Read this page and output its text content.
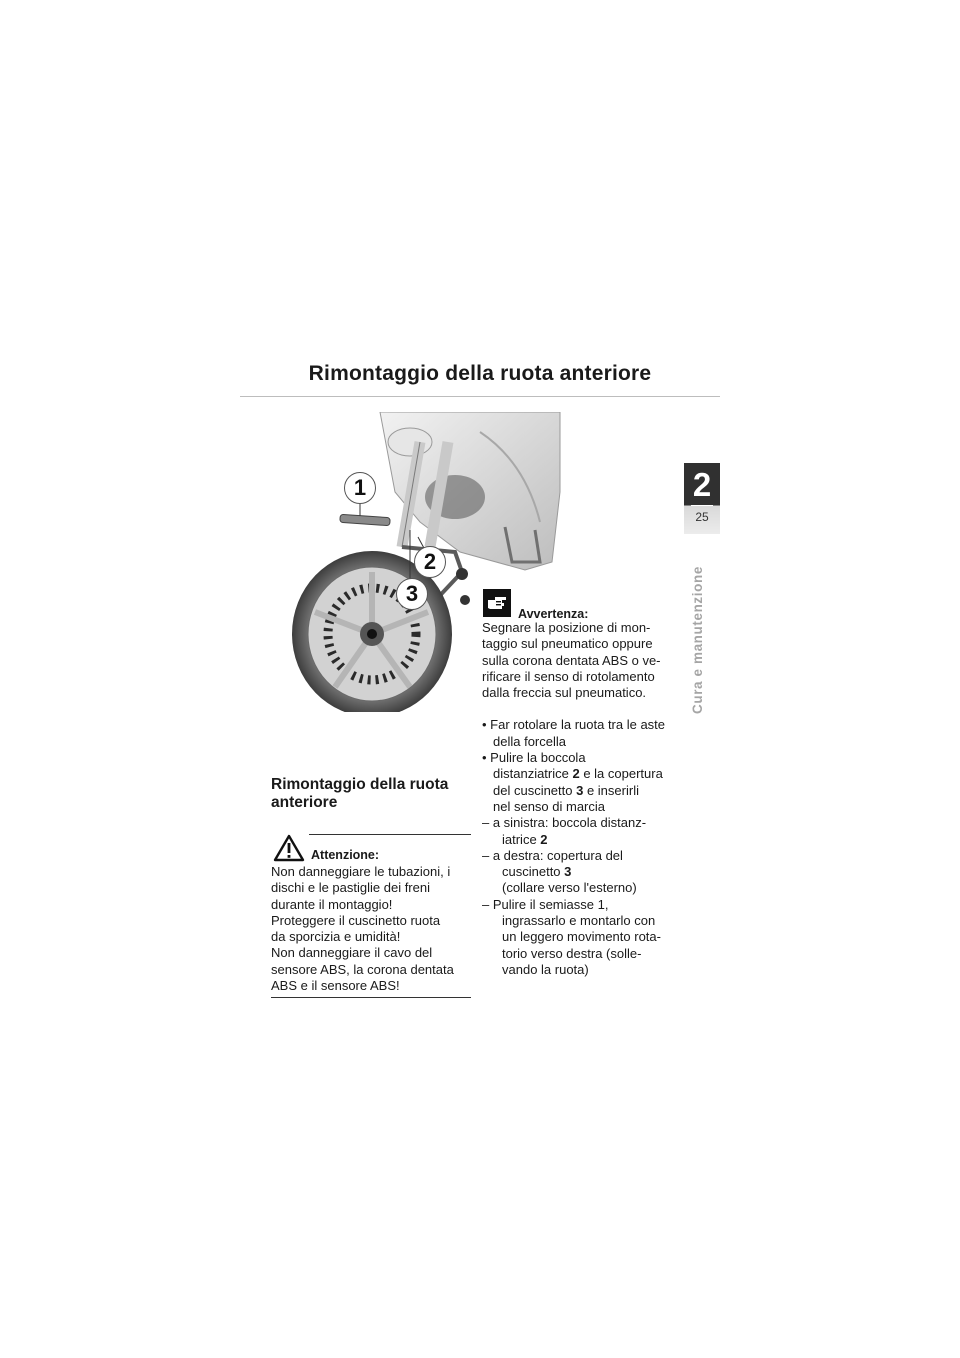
Rimontaggio della ruota anteriore
2
25
Cura e manutenzione
1
2
3
Rimontaggio della ruota
anteriore
Attenzione:
Non danneggiare le tubazioni, i
dischi e le pastiglie dei freni
durante il montaggio!
Proteggere il cuscinetto ruota
da sporcizia e umidità!
Non danneggiare il cavo del
sensore ABS, la corona dentata
ABS e il sensore ABS!
Avvertenza:
Segnare la posizione di mon-
taggio sul pneumatico oppure
sulla corona dentata ABS o ve-
rificare il senso di rotolamento
dalla freccia sul pneumatico.
• Far rotolare la ruota tra le aste
della forcella
• Pulire la boccola
distanziatrice 2 e la copertura
del cuscinetto 3 e inserirli
nel senso di marcia
– a sinistra: boccola distanz-
iatrice 2
– a destra: copertura del
cuscinetto 3
(collare verso l'esterno)
– Pulire il semiasse 1,
ingrassarlo e montarlo con
un leggero movimento rota-
torio verso destra (solle-
vando la ruota)
